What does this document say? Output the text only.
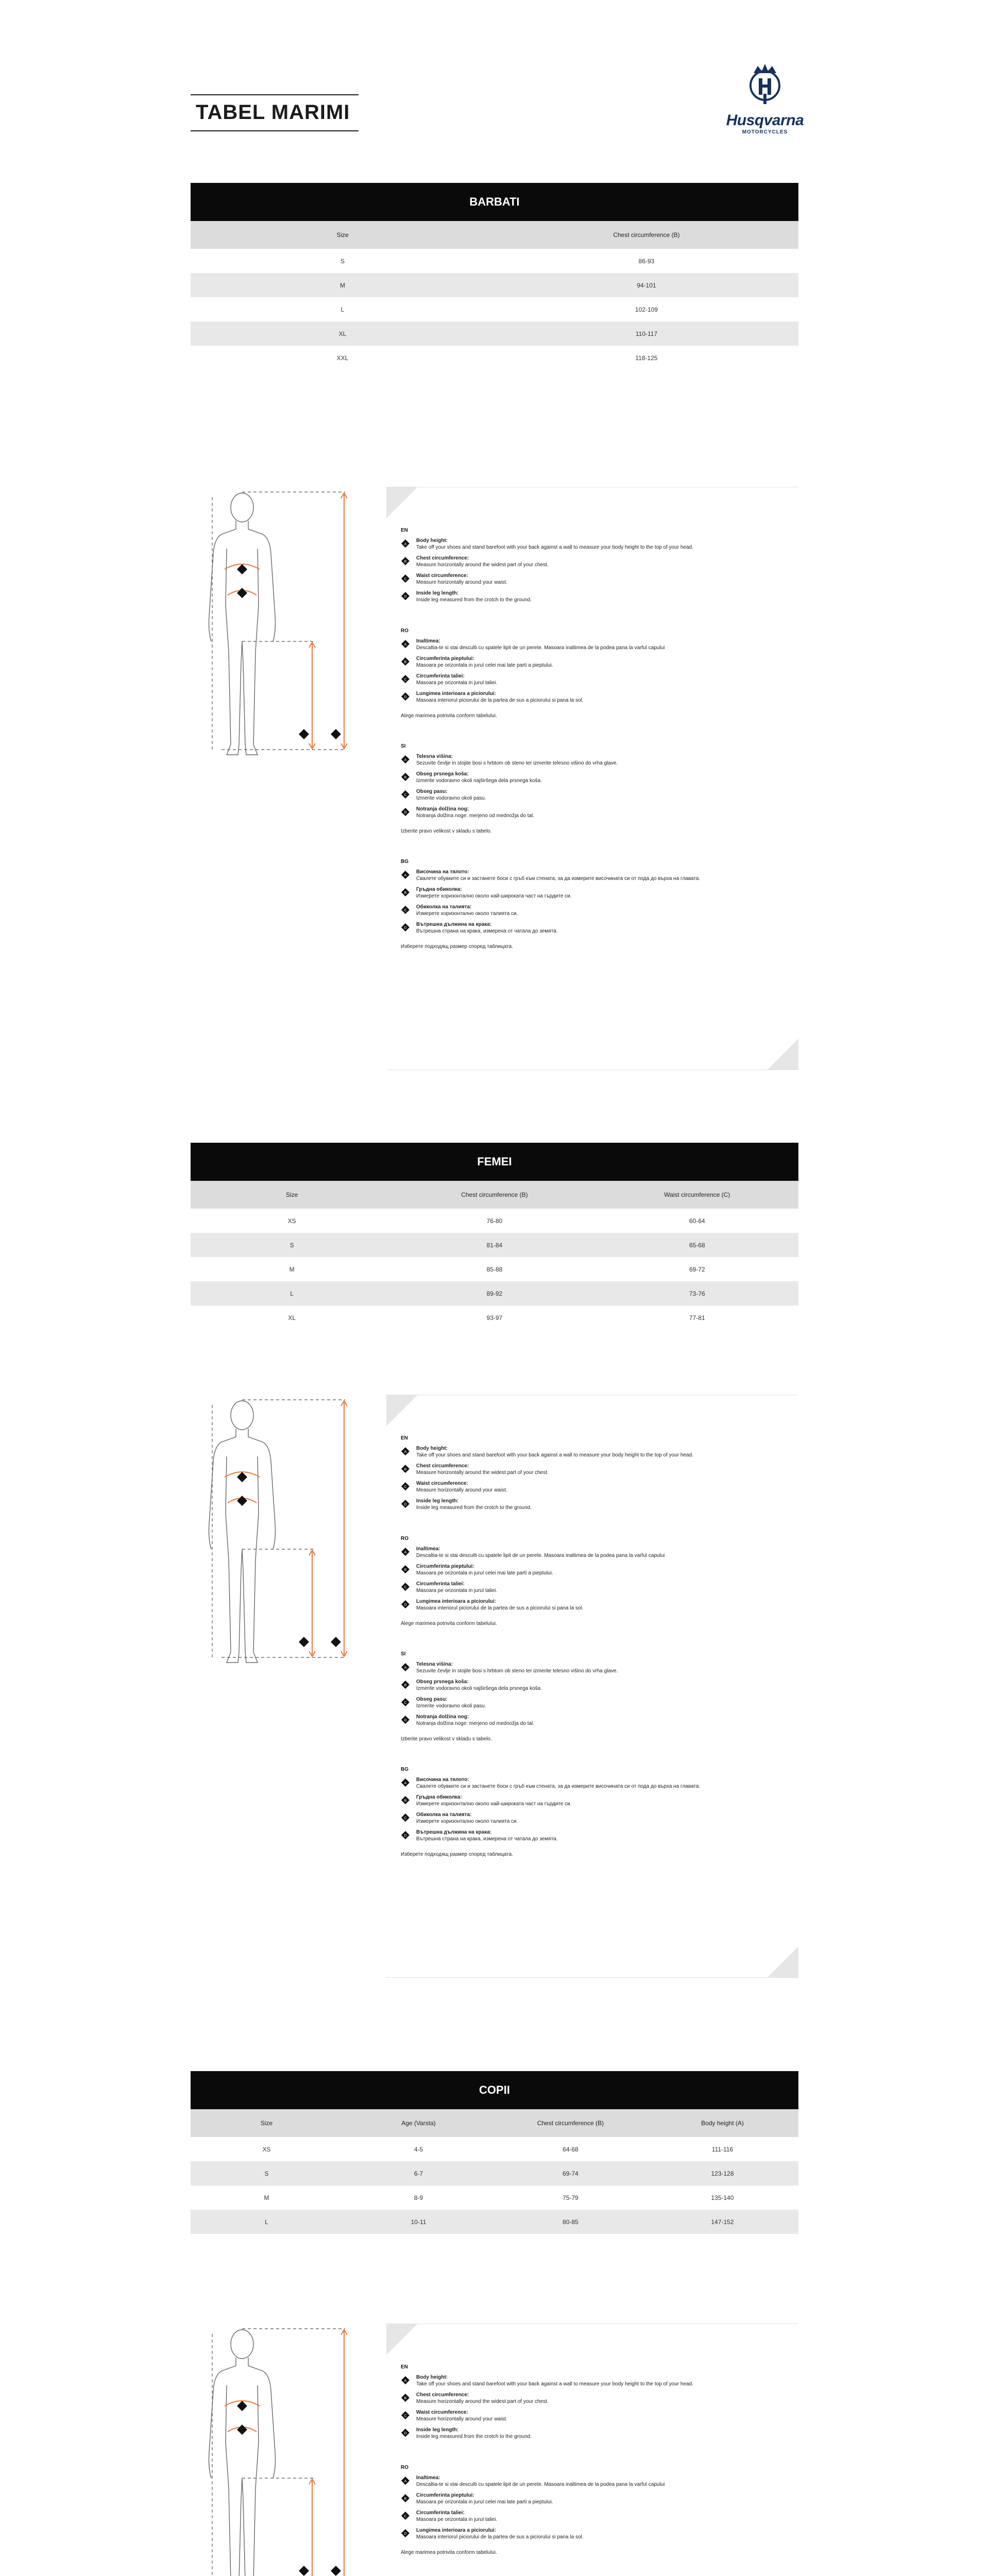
TABEL MARIMI	Husqvarna
MOTORCYCLES
BARBATI
Size	Chest circumference (B)
S	86-93
M	94-101
L	102-109
XL	110-117
XXL	118-125
EN
A
Body height:
Take off your shoes and stand barefoot with your back against a wall to measure your body height to the top of your head.
B
Chest circumference:
Measure horizontally around the widest part of your chest.
C
Waist circumference:
Measure horizontally around your waist.
D
Inside leg length:
Inside leg measured from the crotch to the ground.
RO
A
Inaltimea:
Descaltia-te si stai desculti cu spatele lipit de un perete. Masoara inaltimea de la podea pana la varful capului
B
Circumferinta pieptului:
Masoara pe orizontala in jurul celei mai late parti a pieptului.
C
Circumferinta taliei:
Masoara pe orizontala in jurul taliei.
D
Lungimea interioara a piciorului:
Masoara interiorul piciorului de la partea de sus a piciorului si pana la sol.
Alege marimea potrivita conform tabelului.
SI
A
Telesna višina:
Sezuvite čevlje in stojite bosi s hrbtom ob steno ter izmerite telesno višino do vrha glave.
B
Obseg prsnega koša:
Izmerite vodoravno okoli najširšega dela prsnega koša.
C
Obseg pasu:
Izmerite vodoravno okoli pasu.
D
Notranja dolžina nog:
Notranja dolžina noge: merjeno od mednožja do tal.
Izberite pravo velikost v skladu s tabelo.
BG
A
Височина на тялото:
Свалете обувките си и застанете боси с гръб към стената, за да измерите височината си от пода до върха на главата.
B
Гръдна обиколка:
Измерете хоризонтално около най-широката част на гърдите си.
C
Обиколка на талията:
Измерете хоризонтално около талията си.
D
Вътрешна дължина на крака:
Вътрешна страна на крака, измерена от чатала до земята.
Изберете подходящ размер според таблицата.
FEMEI
Size	Chest circumference (B)	Waist circumference (C)
XS	76-80	60-64
S	81-84	65-68
M	85-88	69-72
L	89-92	73-76
XL	93-97	77-81
EN
A
Body height:
Take off your shoes and stand barefoot with your back against a wall to measure your body height to the top of your head.
B
Chest circumference:
Measure horizontally around the widest part of your chest.
C
Waist circumference:
Measure horizontally around your waist.
D
Inside leg length:
Inside leg measured from the crotch to the ground.
RO
A
Inaltimea:
Descaltia-te si stai desculti cu spatele lipit de un perete. Masoara inaltimea de la podea pana la varful capului
B
Circumferinta pieptului:
Masoara pe orizontala in jurul celei mai late parti a pieptului.
C
Circumferinta taliei:
Masoara pe orizontala in jurul taliei.
D
Lungimea interioara a piciorului:
Masoara interiorul piciorului de la partea de sus a piciorului si pana la sol.
Alege marimea potrivita conform tabelului.
SI
A
Telesna višina:
Sezuvite čevlje in stojite bosi s hrbtom ob steno ter izmerite telesno višino do vrha glave.
B
Obseg prsnega koša:
Izmerite vodoravno okoli najširšega dela prsnega koša.
C
Obseg pasu:
Izmerite vodoravno okoli pasu.
D
Notranja dolžina nog:
Notranja dolžina noge: merjeno od mednožja do tal.
Izberite pravo velikost v skladu s tabelo.
BG
A
Височина на тялото:
Свалете обувките си и застанете боси с гръб към стената, за да измерите височината си от пода до върха на главата.
B
Гръдна обиколка:
Измерете хоризонтално около най-широката част на гърдите си.
C
Обиколка на талията:
Измерете хоризонтално около талията си.
D
Вътрешна дължина на крака:
Вътрешна страна на крака, измерена от чатала до земята.
Изберете подходящ размер според таблицата.
COPII
Size	Age (Varsta)	Chest circumference (B)	Body height (A)
XS	4-5	64-68	111-116
S	6-7	69-74	123-128
M	8-9	75-79	135-140
L	10-11	80-85	147-152
EN
A
Body height:
Take off your shoes and stand barefoot with your back against a wall to measure your body height to the top of your head.
B
Chest circumference:
Measure horizontally around the widest part of your chest.
C
Waist circumference:
Measure horizontally around your waist.
D
Inside leg length:
Inside leg measured from the crotch to the ground.
RO
A
Inaltimea:
Descaltia-te si stai desculti cu spatele lipit de un perete. Masoara inaltimea de la podea pana la varful capului
B
Circumferinta pieptului:
Masoara pe orizontala in jurul celei mai late parti a pieptului.
C
Circumferinta taliei:
Masoara pe orizontala in jurul taliei.
D
Lungimea interioara a piciorului:
Masoara interiorul piciorului de la partea de sus a piciorului si pana la sol.
Alege marimea potrivita conform tabelului.
